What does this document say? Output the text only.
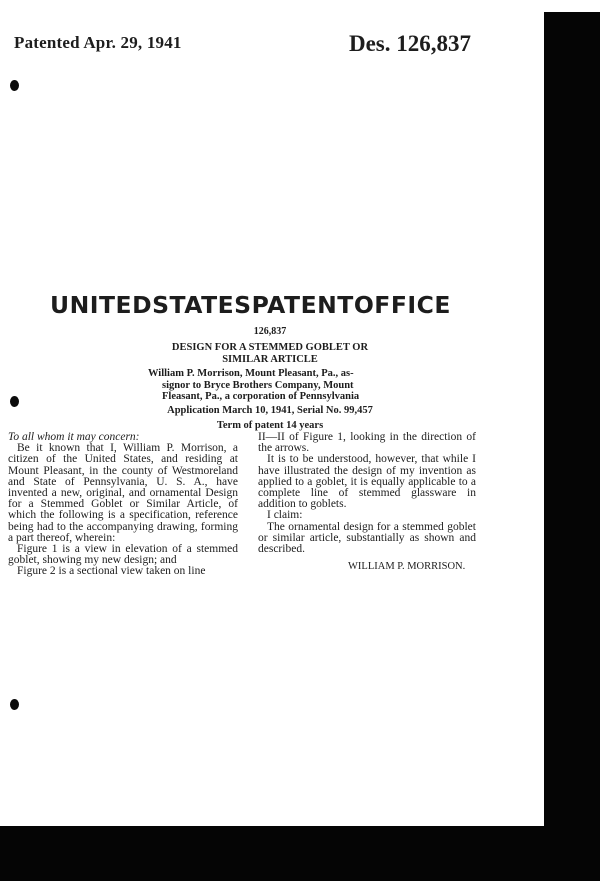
Patented Apr. 29, 1941	Des. 126,837
UNITED STATES PATENT OFFICE
126,837
DESIGN FOR A STEMMED GOBLET OR
SIMILAR ARTICLE
William P. Morrison, Mount Pleasant, Pa., as-
signor to Bryce Brothers Company, Mount
Fleasant, Pa., a corporation of Pennsylvania
Application March 10, 1941, Serial No. 99,457
Term of patent 14 years

To all whom it may concern:

Be it known that I, William P. Morrison, a citizen of the United States, and residing at Mount Pleasant, in the county of Westmoreland and State of Pennsylvania, U. S. A., have invented a new, original, and ornamental Design for a Stemmed Goblet or Similar Article, of which the following is a specification, reference being had to the accompanying drawing, forming a part thereof, wherein:

Figure 1 is a view in elevation of a stemmed goblet, showing my new design; and

Figure 2 is a sectional view taken on line

II—II of Figure 1, looking in the direction of the arrows.

It is to be understood, however, that while I have illustrated the design of my invention as applied to a goblet, it is equally applicable to a complete line of stemmed glassware in addition to goblets.

I claim:

The ornamental design for a stemmed goblet or similar article, substantially as shown and described.

WILLIAM P. MORRISON.
